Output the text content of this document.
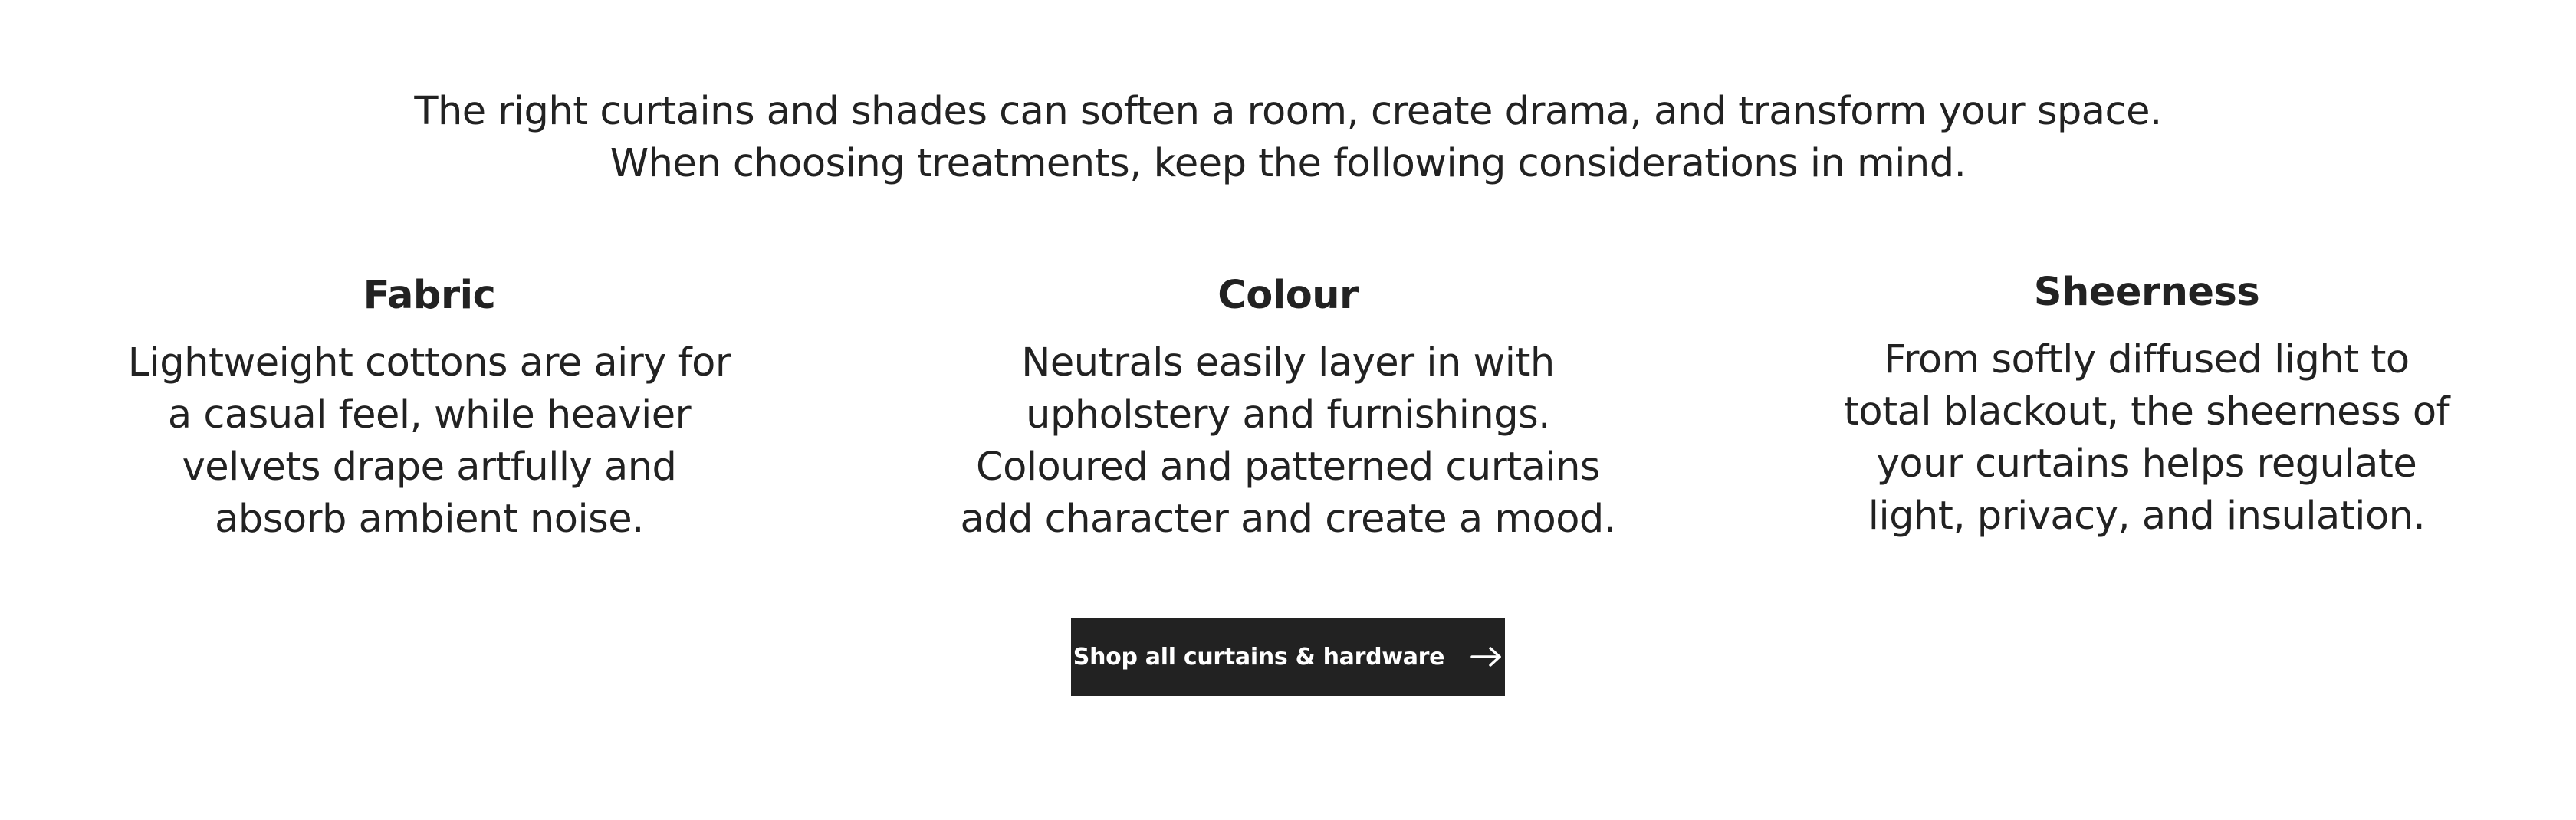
The right curtains and shades can soften a room, create drama, and transform your space.

When choosing treatments, keep the following considerations in mind.

Fabric

Lightweight cottons are airy for a casual feel, while heavier velvets drape artfully and absorb ambient noise.

Colour

Neutrals easily layer in with upholstery and furnishings. Coloured and patterned curtains add character and create a mood.

Sheerness

From softly diffused light to total blackout, the sheerness of your curtains helps regulate light, privacy, and insulation.

Shop all curtains & hardware
